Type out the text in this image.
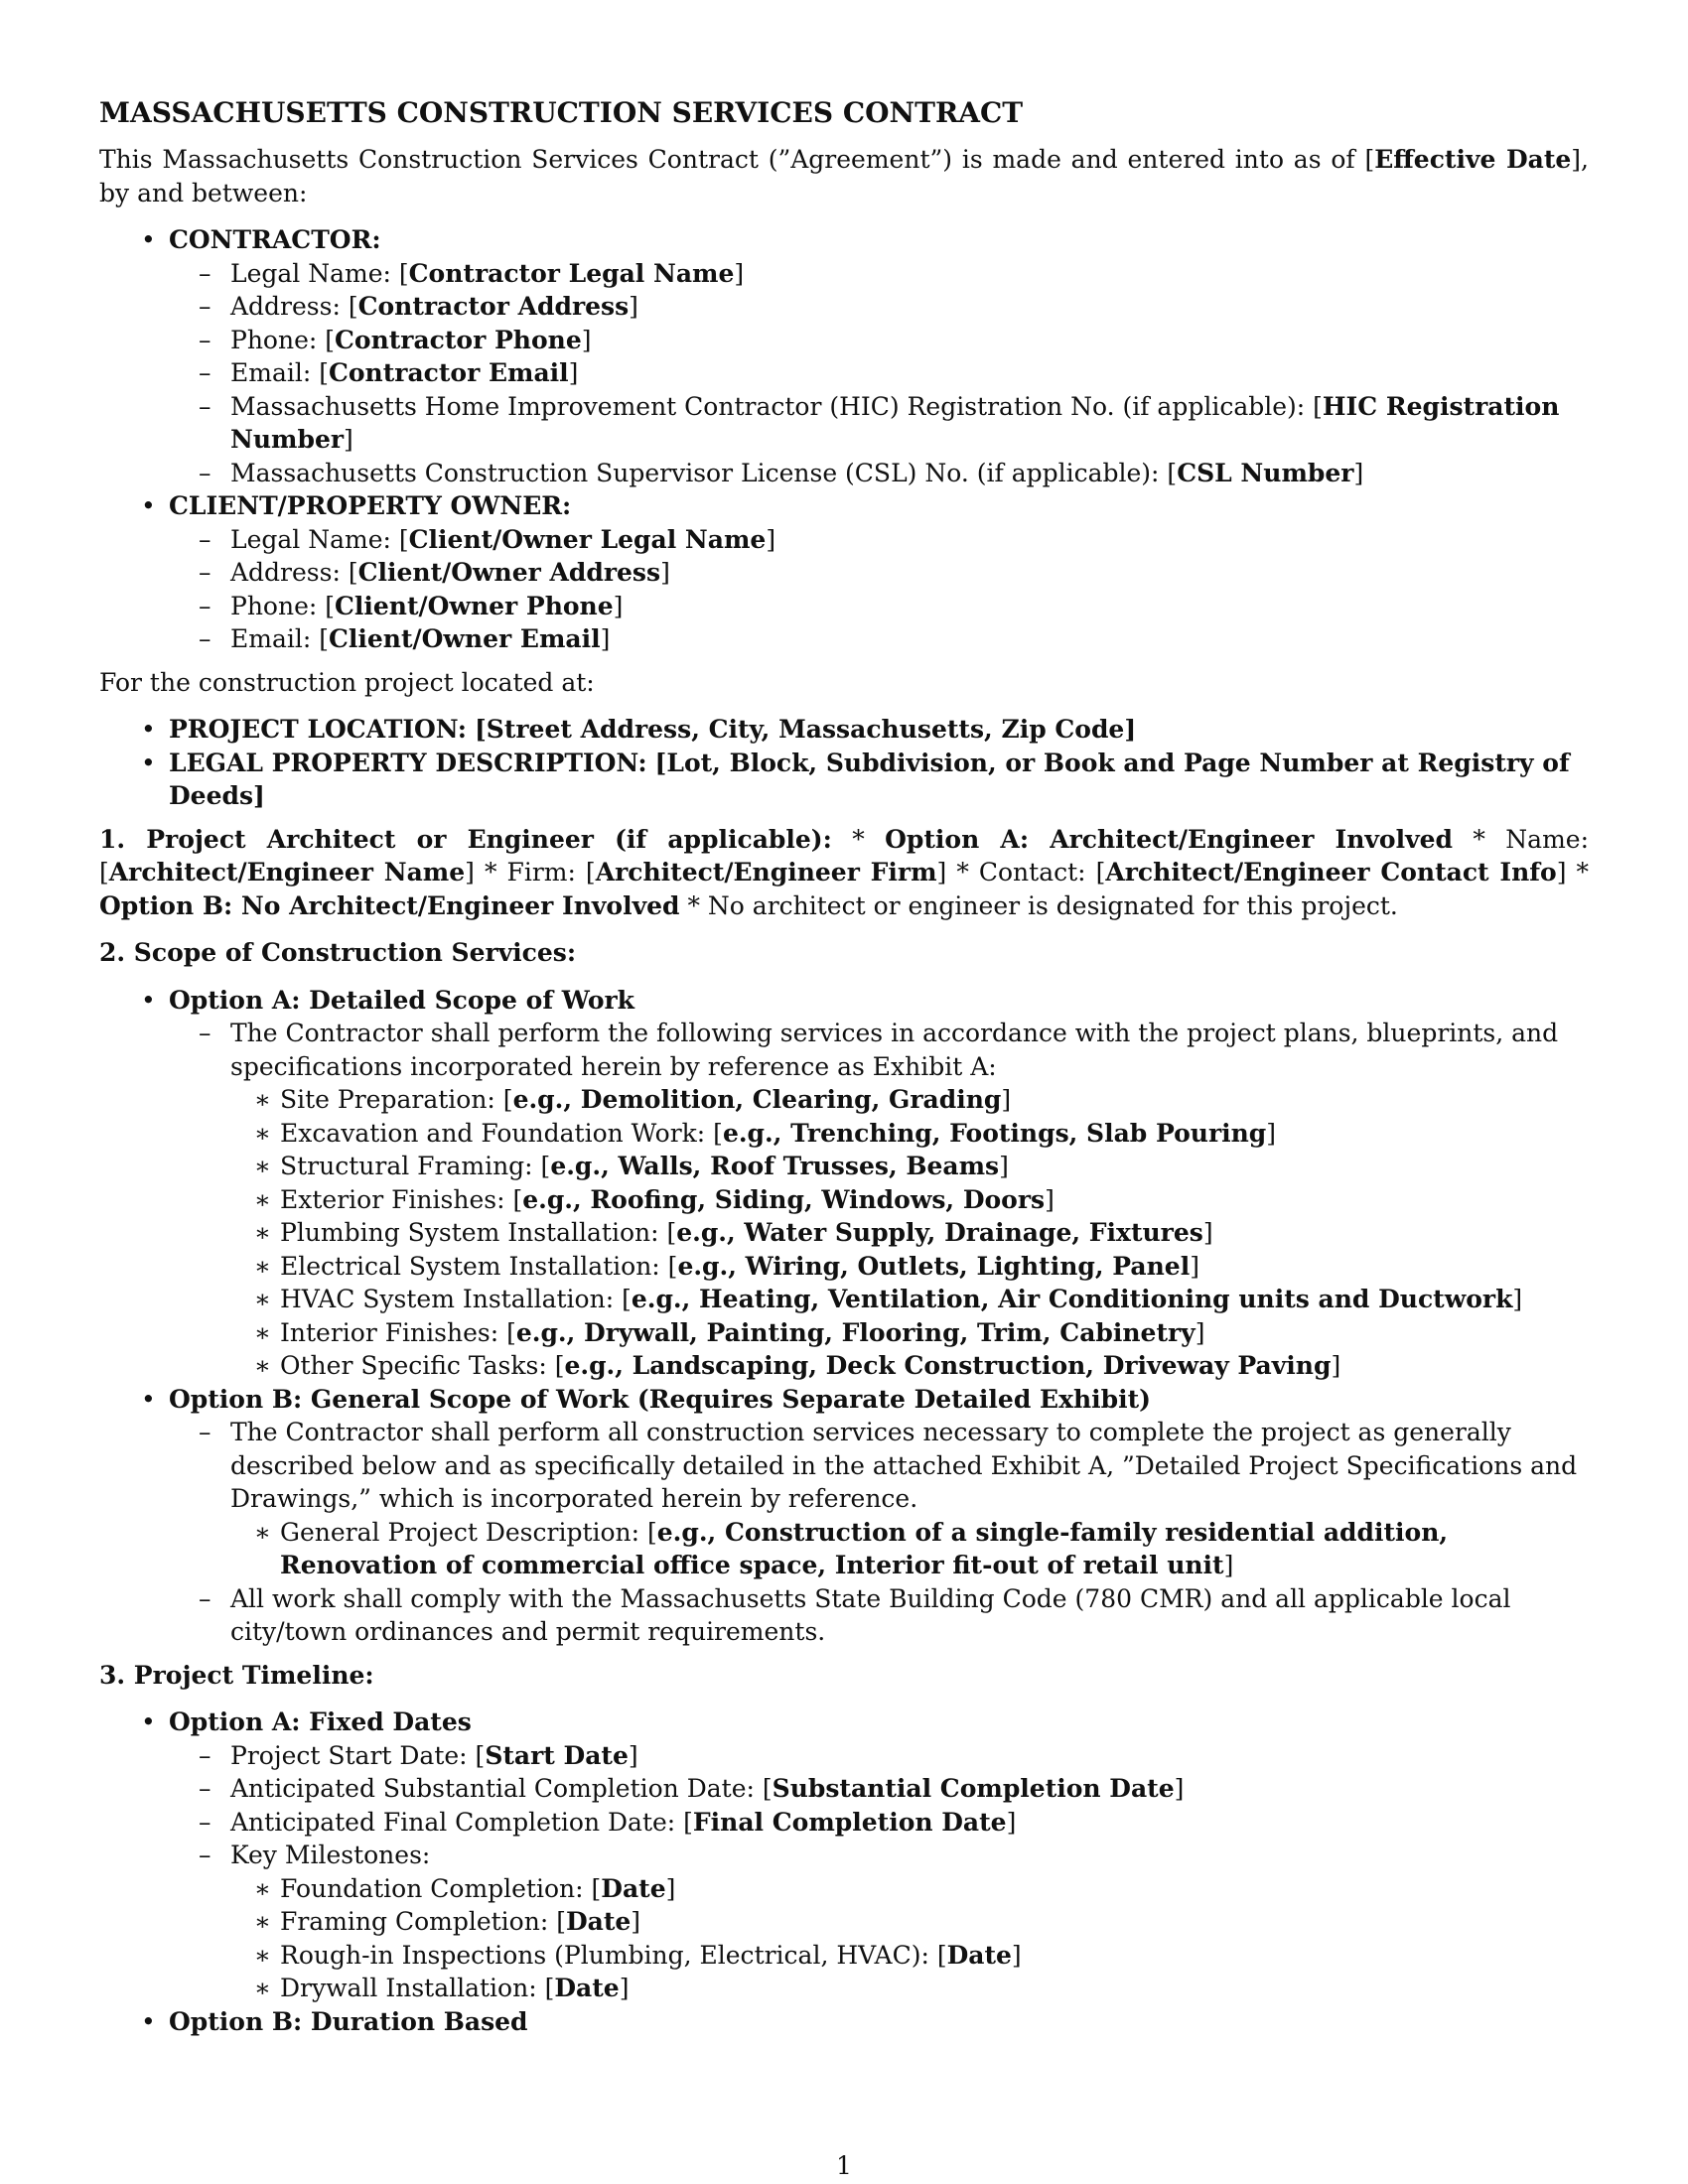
MASSACHUSETTS CONSTRUCTION SERVICES CONTRACT

This Massachusetts Construction Services Contract (”Agreement”) is made and entered into as of [Effective Date], by and between:

• CONTRACTOR:
– Legal Name: [Contractor Legal Name]
– Address: [Contractor Address]
– Phone: [Contractor Phone]
– Email: [Contractor Email]
– Massachusetts Home Improvement Contractor (HIC) Registration No. (if applicable): [HIC Registration Number]
– Massachusetts Construction Supervisor License (CSL) No. (if applicable): [CSL Number]
• CLIENT/PROPERTY OWNER:
– Legal Name: [Client/Owner Legal Name]
– Address: [Client/Owner Address]
– Phone: [Client/Owner Phone]
– Email: [Client/Owner Email]

For the construction project located at:

• PROJECT LOCATION: [Street Address, City, Massachusetts, Zip Code]
• LEGAL PROPERTY DESCRIPTION: [Lot, Block, Subdivision, or Book and Page Number at Registry of Deeds]

1. Project Architect or Engineer (if applicable): * Option A: Architect/Engineer Involved * Name: [Architect/Engineer Name] * Firm: [Architect/Engineer Firm] * Contact: [Architect/Engineer Contact Info] * Option B: No Architect/Engineer Involved * No architect or engineer is designated for this project.

2. Scope of Construction Services:
• Option A: Detailed Scope of Work
– The Contractor shall perform the following services in accordance with the project plans, blueprints, and specifications incorporated herein by reference as Exhibit A:
∗ Site Preparation: [e.g., Demolition, Clearing, Grading]
∗ Excavation and Foundation Work: [e.g., Trenching, Footings, Slab Pouring]
∗ Structural Framing: [e.g., Walls, Roof Trusses, Beams]
∗ Exterior Finishes: [e.g., Roofing, Siding, Windows, Doors]
∗ Plumbing System Installation: [e.g., Water Supply, Drainage, Fixtures]
∗ Electrical System Installation: [e.g., Wiring, Outlets, Lighting, Panel]
∗ HVAC System Installation: [e.g., Heating, Ventilation, Air Conditioning units and Ductwork]
∗ Interior Finishes: [e.g., Drywall, Painting, Flooring, Trim, Cabinetry]
∗ Other Specific Tasks: [e.g., Landscaping, Deck Construction, Driveway Paving]
• Option B: General Scope of Work (Requires Separate Detailed Exhibit)
– The Contractor shall perform all construction services necessary to complete the project as generally described below and as specifically detailed in the attached Exhibit A, ”Detailed Project Specifications and Drawings,” which is incorporated herein by reference.
∗ General Project Description: [e.g., Construction of a single-family residential addition, Renovation of commercial office space, Interior fit-out of retail unit]
– All work shall comply with the Massachusetts State Building Code (780 CMR) and all applicable local city/town ordinances and permit requirements.
3. Project Timeline:
• Option A: Fixed Dates
– Project Start Date: [Start Date]
– Anticipated Substantial Completion Date: [Substantial Completion Date]
– Anticipated Final Completion Date: [Final Completion Date]
– Key Milestones:
∗ Foundation Completion: [Date]
∗ Framing Completion: [Date]
∗ Rough-in Inspections (Plumbing, Electrical, HVAC): [Date]
∗ Drywall Installation: [Date]
• Option B: Duration Based
1
